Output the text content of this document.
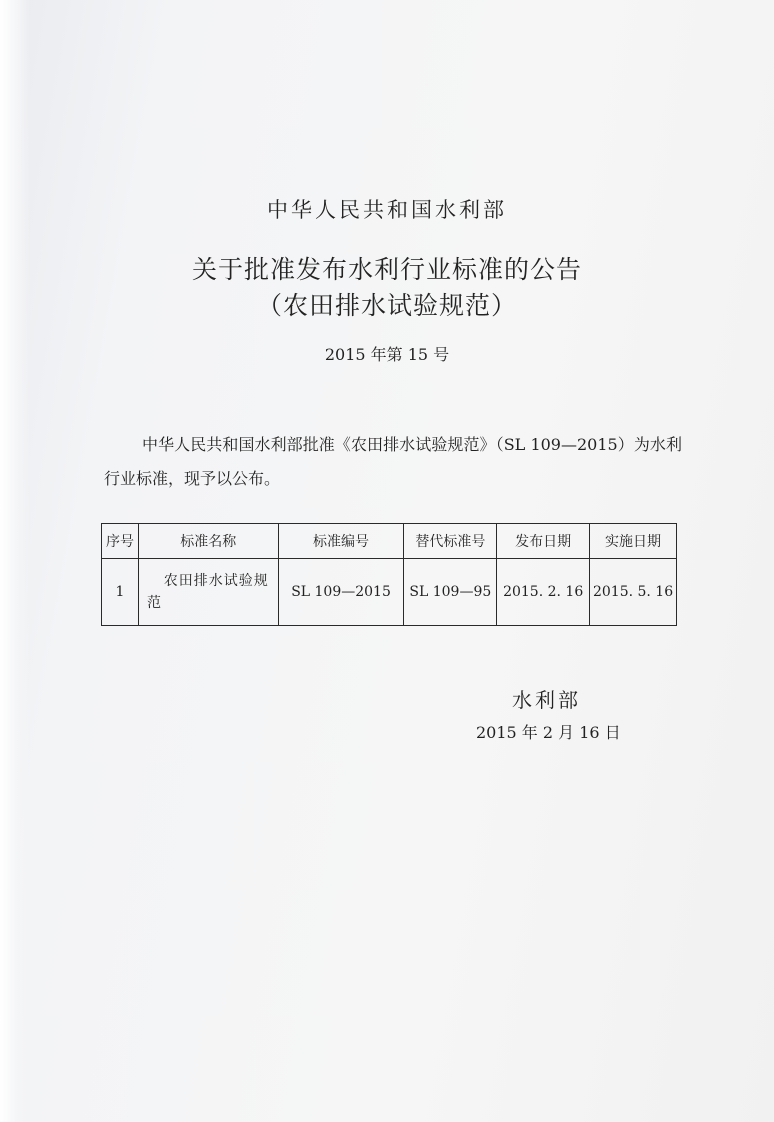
中华人民共和国水利部
关于批准发布水利行业标准的公告
（农田排水试验规范）
2015 年第 15 号
中华人民共和国水利部批准《农田排水试验规范》（SL 109—2015）为水利行业标准，现予以公布。
序号	标准名称	标准编号	替代标准号	发布日期	实施日期
1	农田排水试验规范	SL 109—2015	SL 109—95	2015. 2. 16	2015. 5. 16
水利部
2015 年 2 月 16 日
